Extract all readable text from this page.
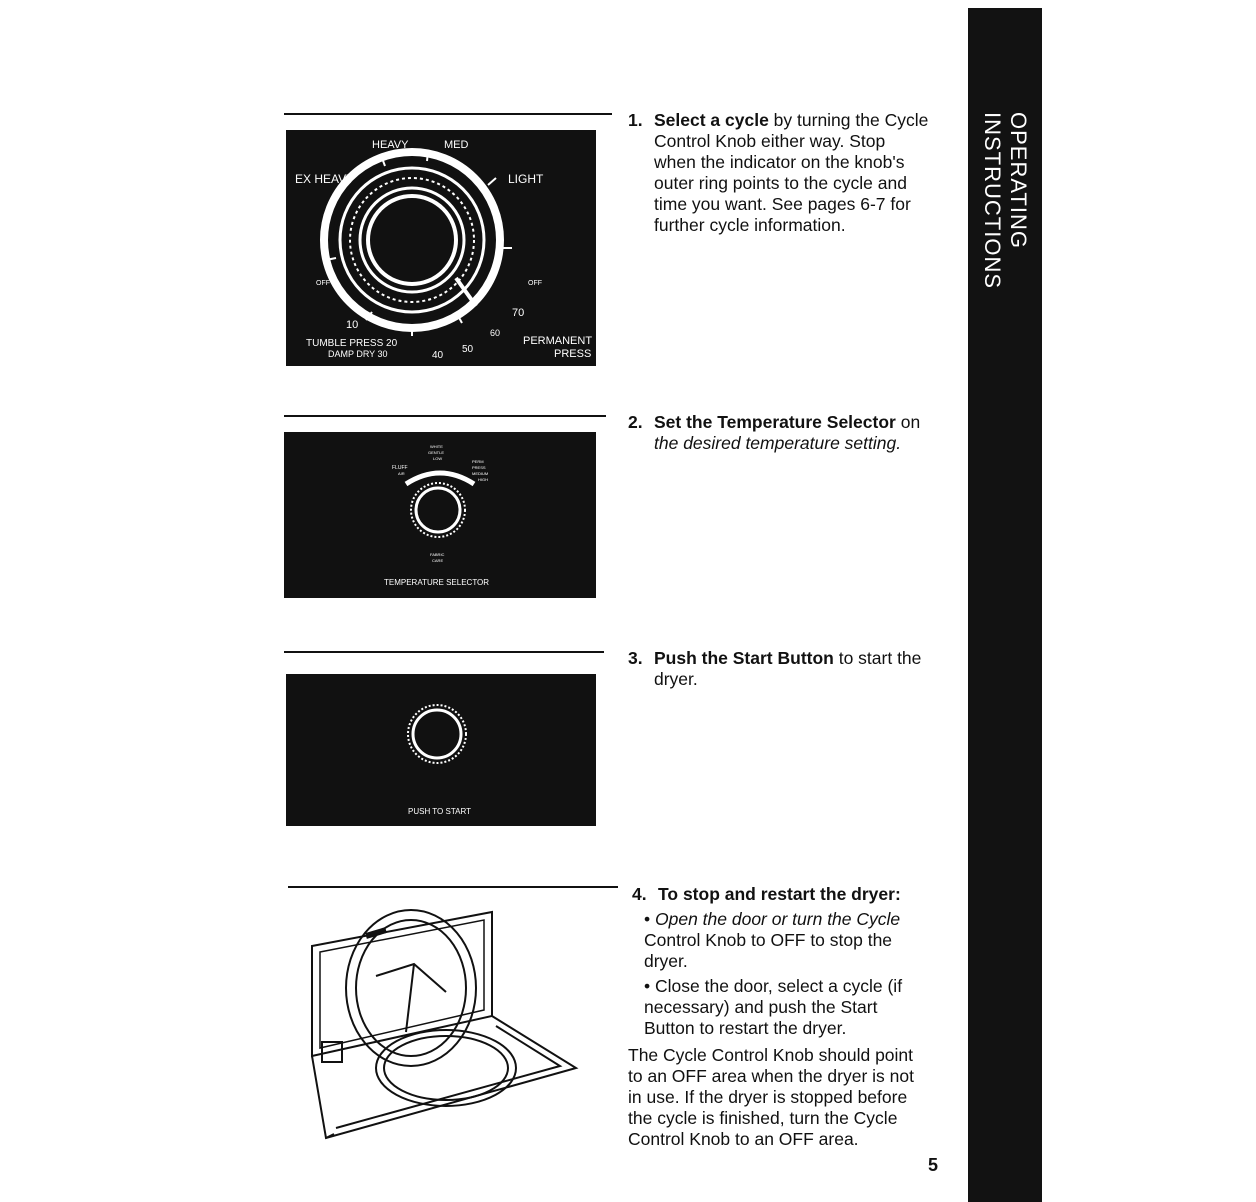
OPERATING INSTRUCTIONS
HEAVY	MED
EX HEAVY	LIGHT
OFF	OFF
10
70
60
TUMBLE PRESS 20
DAMP DRY 30	40
50
PERMANENT
PRESS
WHITE
GENTLE
LOW
FLUFF
AIR
PERM
PRESS
MEDIUM
HIGH
FABRIC
CARE
TEMPERATURE SELECTOR
PUSH TO START
1. Select a cycle by turning the Cycle
Control Knob either way. Stop
when the indicator on the knob's
outer ring points to the cycle and
time you want. See pages 6-7 for
further cycle information.
2. Set the Temperature Selector on
the desired temperature setting.
3. Push the Start Button to start the
dryer.
4. To stop and restart the dryer:
• Open the door or turn the Cycle
Control Knob to OFF to stop the
dryer.
• Close the door, select a cycle (if
necessary) and push the Start
Button to restart the dryer.
The Cycle Control Knob should point
to an OFF area when the dryer is not
in use. If the dryer is stopped before
the cycle is finished, turn the Cycle
Control Knob to an OFF area.
5
